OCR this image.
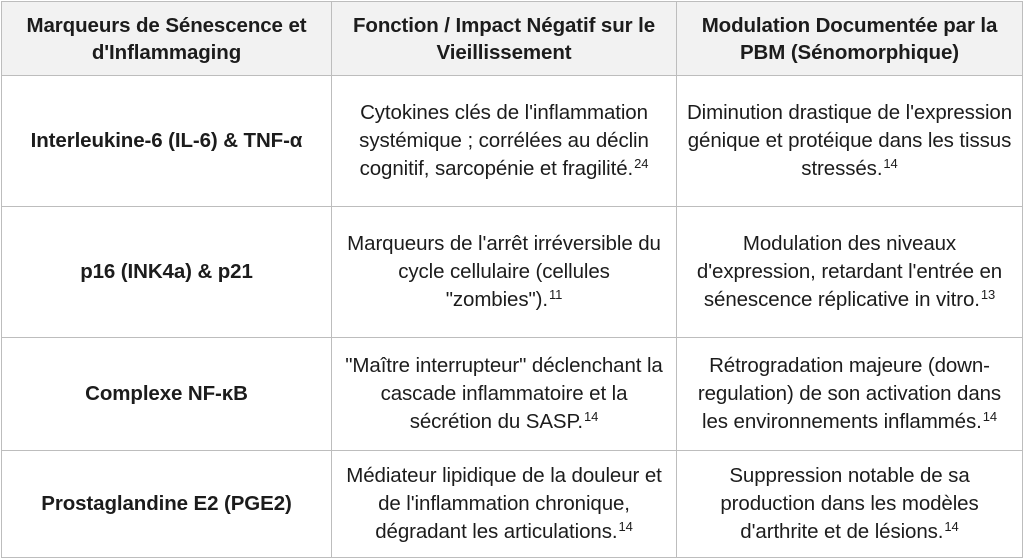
Marqueurs de Sénescence et d'Inflammaging	Fonction / Impact Négatif sur le Vieillissement	Modulation Documentée par la PBM (Sénomorphique)
Interleukine-6 (IL-6) & TNF-α	Cytokines clés de l'inflammation systémique ; corrélées au déclin cognitif, sarcopénie et fragilité.$^{24}$	Diminution drastique de l'expression génique et protéique dans les tissus stressés.$^{14}$
p16 (INK4a) & p21	Marqueurs de l'arrêt irréversible du cycle cellulaire (cellules "zombies").$^{11}$	Modulation des niveaux d'expression, retardant l'entrée en sénescence réplicative in vitro.$^{13}$
Complexe NF-κB	"Maître interrupteur" déclenchant la cascade inflammatoire et la sécrétion du SASP.$^{14}$	Rétrogradation majeure (down-regulation) de son activation dans les environnements inflammés.$^{14}$
Prostaglandine E2 (PGE2)	Médiateur lipidique de la douleur et de l'inflammation chronique, dégradant les articulations.$^{14}$	Suppression notable de sa production dans les modèles d'arthrite et de lésions.$^{14}$
